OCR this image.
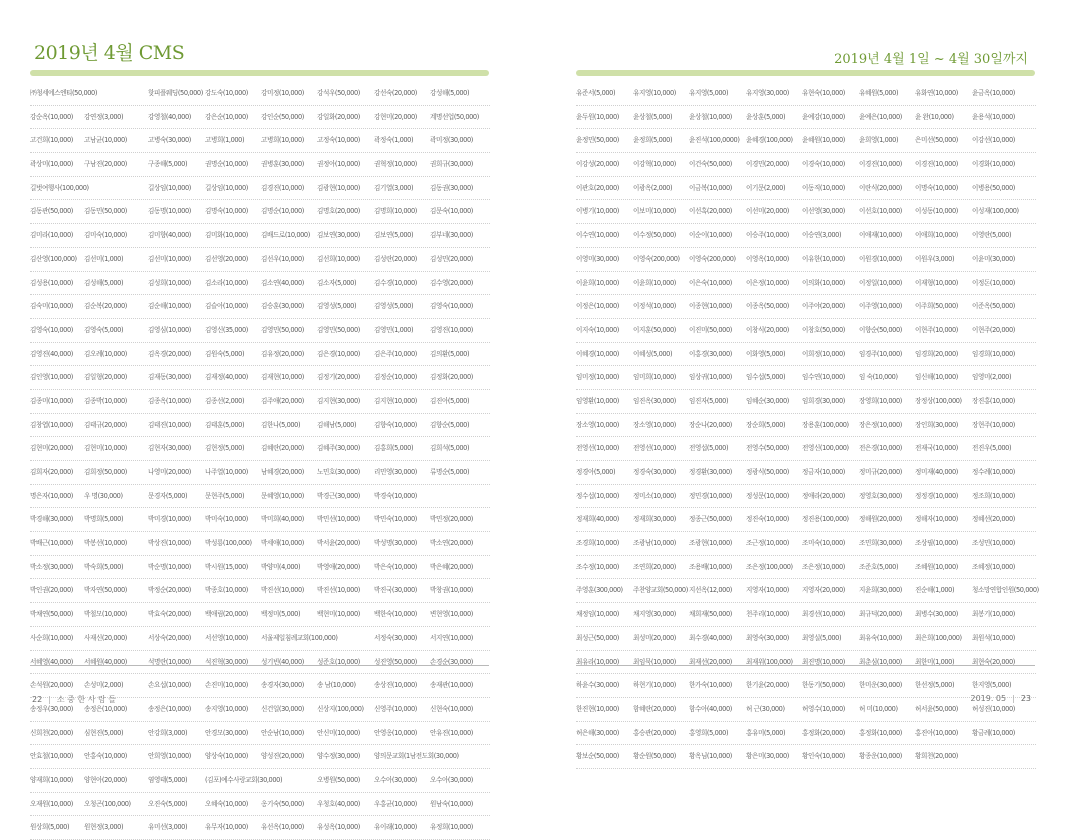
2019년 4월 CMS	2019년 4월 1일 ~ 4월 30일까지
㈜청세에스엔티(50,000)	핫피플웨딩(50,000) 강도숙(10,000) 강미정(10,000) 강석우(50,000) 강선숙(20,000) 강성해(5,000)
강순옥(10,000) 강연정(3,000)	강영철(40,000) 강은순(10,000) 강인순(50,000) 강일화(20,000) 강현미(20,000) 계명선업(50,000)
고건희(10,000) 고남균(10,000)	고병숙(30,000) 고병희(1,000)	고병희(10,000) 고정숙(10,000) 곽정숙(1,000)	곽미정(30,000)
곽상미(10,000) 구남진(20,000)	구종해(5,000)	권명순(10,000) 권병훈(30,000) 권정아(10,000) 권혁정(10,000) 권희규(30,000)
길벗여행사(100,000)	길상임(10,000) 길상임(10,000) 김경진(10,000) 김광현(10,000) 김기열(3,000)	김동권(30,000)
김동관(50,000) 김동민(50,000)	김동명(10,000) 김명숙(10,000) 김명순(10,000) 김명호(20,000) 김명희(10,000) 김문숙(10,000)
김미라(10,000) 김미숙(10,000)	김미향(40,000) 김미화(10,000) 김배드로(10,000) 김보연(30,000) 김보연(5,000)	김부네(30,000)
김산영(100,000) 김선미(1,000)	김선미(10,000) 김선영(20,000) 김선우(10,000) 김선희(10,000) 김성란(20,000) 김성민(20,000)
김성용(10,000) 김성해(5,000)	김성희(10,000) 김소라(10,000) 김소연(40,000) 김소자(5,000)	김수경(10,000) 김수영(20,000)
김숙미(10,000) 김순복(20,000)	김순해(10,000) 김슬아(10,000) 김승훈(30,000) 김영성(5,000)	김영성(5,000)	김영숙(10,000)
김영숙(10,000) 김영숙(5,000)	김영심(10,000) 김영신(35,000) 김영민(50,000) 김영민(50,000) 김영민(1,000)	김영진(10,000)
김영진(40,000) 김오례(10,000)	김옥경(20,000) 김원숙(5,000)	김유정(20,000) 김은경(10,000) 김은주(10,000) 김의환(5,000)
김인영(10,000) 김일형(20,000)	김재동(30,000) 김재정(40,000) 김재현(10,000) 김정기(20,000) 김정순(10,000) 김정화(20,000)
김종미(10,000) 김종박(10,000)	김종옥(10,000) 김종선(2,000)	김주애(20,000) 김지현(30,000) 김지현(10,000) 김진아(5,000)
김창엽(10,000) 김태규(20,000)	김태진(10,000) 김태훈(5,000)	김한나(5,000)	김해남(5,000)	김향숙(10,000) 김향순(5,000)
김현미(20,000) 김현미(10,000)	김현자(30,000) 김현정(5,000)	김혜란(20,000) 김혜주(30,000) 김홍희(5,000)	김희석(5,000)
김희자(20,000) 김희정(50,000)	나영미(20,000) 나주열(10,000) 남혜경(20,000) 노민호(30,000) 리민영(30,000) 류명순(5,000)
명은자(10,000) 우 명(30,000)	문경자(5,000)	문현주(5,000)	문혜영(10,000) 박경근(30,000) 박경숙(10,000)
박경해(30,000) 박명희(5,000)	박미경(10,000) 박미숙(10,000) 박미희(40,000) 박민선(10,000) 박민숙(10,000) 박민정(20,000)
박배근(10,000) 박봉선(10,000)	박상진(10,000) 박성룡(100,000) 박세애(10,000) 박서윤(20,000) 박성명(30,000) 박소연(20,000)
박소정(30,000) 박숙희(5,000)	박순명(10,000) 박시원(15,000) 박양미(4,000)	박영애(20,000) 박은숙(10,000) 박은혜(20,000)
박인권(20,000) 박자연(50,000)	박정순(20,000) 박종호(10,000) 박진선(10,000) 박진선(10,000) 박진국(30,000) 박창권(10,000)
박채연(50,000) 박철모(10,000)	박효숙(20,000) 백애림(20,000) 백정미(5,000)	백현미(10,000) 백한숙(10,000) 변현영(10,000)
사순희(10,000) 사재신(20,000)	서상숙(20,000) 서선영(10,000) 서울제일침례교회(100,000)	서정숙(30,000) 서지연(10,000)
서혜영(40,000) 서혜원(40,000)	석명란(10,000) 석진혁(30,000) 성기빈(40,000) 성준호(10,000) 성진영(50,000) 손경순(30,000)
손석원(20,000) 손성미(2,000)	손요섭(10,000) 손진미(10,000) 송경자(30,000) 송 남(10,000)	송상진(10,000) 송재관(10,000)
송정우(30,000) 송정은(10,000)	송정은(10,000) 송지영(10,000) 신건일(30,000) 신상지(100,000) 신영주(10,000) 신현숙(10,000)
신희천(20,000) 심현진(5,000)	안강희(3,000)	안경모(30,000) 안순남(10,000) 안신미(10,000) 안영옹(10,000) 안유진(10,000)
안효철(10,000) 안홍숙(10,000)	안희영(10,000) 양상숙(10,000) 양성진(20,000) 양수정(30,000) 양의문교회(1남전도회(30,000)
양재희(10,000) 양현아(20,000)	염영태(5,000)	(김포)예수사랑교회(30,000)	오병원(50,000) 오수아(30,000) 오수아(30,000)
오재원(10,000) 오청곤(100,000)	오진숙(5,000)	오혜숙(10,000) 옹기숙(50,000) 우청호(40,000) 우홍균(10,000) 원남숙(10,000)
원상희(5,000) 원현정(3,000)	유미선(3,000)	유무자(10,000) 유선옥(10,000) 유성옥(10,000) 유이래(10,000) 유정희(10,000)
유준서(5,000)	유지영(10,000) 유지영(5,000)	유지영(30,000) 유현숙(10,000) 유혜원(5,000)	유화연(10,000) 윤금옥(10,000)
윤두원(10,000) 윤상철(5,000)	윤상철(10,000) 윤상훈(5,000)	윤예강(10,000) 윤예은(10,000) 윤 완(10,000)	윤용석(10,000)
윤정민(50,000) 윤정희(5,000)	윤진석(100,0000) 윤혜경(100,000) 윤혜원(10,000) 윤희영(1,000)	은미선(50,000) 이강선(10,000)
이강성(20,000) 이강혁(10,000) 이건숙(50,000) 이경민(20,000) 이경숙(10,000) 이경진(10,000) 이경진(10,000) 이경화(10,000)
이관호(20,000) 이광옥(2,000)	이금복(10,000) 이기문(2,000)	이동직(10,000) 이란식(20,000) 이명숙(10,000) 이병용(50,000)
이병기(10,000) 이보미(10,000) 이선혹(20,000) 이선미(20,000) 이선영(30,000) 이선호(10,000) 이성동(10,000) 이성재(100,000)
이수연(10,000) 이수정(50,000) 이순이(10,000) 이승주(10,000) 이승연(3,000)	이애재(10,000) 이애희(10,000) 이영란(5,000)
이영미(30,000) 이영숙(200,000) 이영숙(200,000) 이영옥(10,000) 이유한(10,000) 이원경(10,000) 이원우(3,000)	이윤미(30,000)
이윤희(10,000) 이윤희(10,000) 이은숙(10,000) 이은정(10,000) 이의화(10,000) 이정일(10,000) 이재형(10,000) 이정돈(10,000)
이정은(10,000) 이정석(10,000) 이종현(10,000) 이종옥(50,000) 이주야(20,000) 이주영(10,000) 이주희(50,000) 이준옥(50,000)
이지숙(10,000) 이지훈(50,000) 이진미(50,000) 이창식(20,000) 이창호(50,000) 이향순(50,000) 이현주(10,000) 이현주(20,000)
이혜경(10,000) 이혜성(5,000)	이홍경(30,000) 이화영(5,000)	이희정(10,000) 임경주(10,000) 임경희(20,000) 임경희(10,000)
임미정(10,000) 임미희(10,000) 임상귀(10,000) 임수섭(5,000)	임수연(10,000) 임 숙(10,000)	임신해(10,000) 임영미(2,000)
임영환(10,000) 임진옥(30,000) 임진자(5,000)	임혜순(30,000) 임희경(30,000) 장영희(10,000) 장정상(100,000) 장진홍(10,000)
장소영(10,000) 장소영(10,000) 장순나(20,000) 장순희(5,000)	장용훈(100,000) 장은정(10,000) 장인희(30,000) 장현주(10,000)
전영선(10,000) 전영선(10,000) 전영섭(5,000)	전영수(50,000) 전영신(100,000) 전은경(10,000) 전재국(10,000) 전진우(5,000)
정경아(5,000)	정경숙(30,000) 정경환(30,000) 정광식(50,000) 정금자(10,000) 정미규(20,000) 정미재(40,000) 정수례(10,000)
정수섭(10,000) 정미소(10,000) 정민경(10,000) 정성문(10,000) 정애라(20,000) 정영호(30,000) 정정경(10,000) 정조희(10,000)
정재희(40,000) 정재희(30,000) 정종근(50,000) 정진숙(10,000) 정진용(100,000) 정해원(20,000) 정해자(10,000) 정혜선(20,000)
조경희(10,000) 조광남(10,000) 조광현(10,000) 조근정(10,000) 조미숙(10,000) 조민희(30,000) 조상필(10,000) 조성민(10,000)
조수정(10,000) 조연희(20,000) 조용배(10,000) 조은정(100,000) 조은정(10,000) 조준호(5,000)	조혜원(10,000) 조혜정(10,000)
주영훈(300,000) 주찬양교회(50,000) 지선옥(12,000) 지영자(10,000) 지영자(20,000) 지윤희(30,000) 진순해(1,000)	청소망연합인원(50,000)
채정임(10,000) 채지영(30,000) 채희재(50,000) 천주리(10,000) 최경선(10,000) 최규덕(20,000) 최병수(30,000) 최봉기(10,000)
최성근(50,000) 최성미(20,000) 최수경(40,000) 최영숙(30,000) 최영실(5,000)	최유숙(10,000) 최은희(100,000) 최원석(10,000)
최유라(10,000) 최임묵(10,000) 최재선(20,000) 최재위(100,000) 최진명(10,000) 최춘심(10,000) 최한미(1,000)	최현숙(20,000)
하윤수(30,000) 하현기(10,000) 한가숙(10,000) 한기윤(20,000) 한동기(50,000) 한미운(30,000) 한선정(5,000)	한지영(5,000)
한진현(10,000) 함혜란(20,000) 함수아(40,000) 허 근(30,000)	허영수(10,000) 허 미(10,000)	허서윤(50,000) 허성진(10,000)
허은해(30,000) 홍승관(20,000) 홍영희(5,000)	홍유미(5,000)	홍정화(20,000) 홍정화(10,000) 홍진아(10,000) 황금례(10,000)
황보순(50,000) 황순원(50,000) 황옥님(10,000) 황은미(30,000) 황인숙(10,000) 황종운(10,000) 황희천(20,000)
22 | 소 중 한 사 람 들	2019. 05 | 23
